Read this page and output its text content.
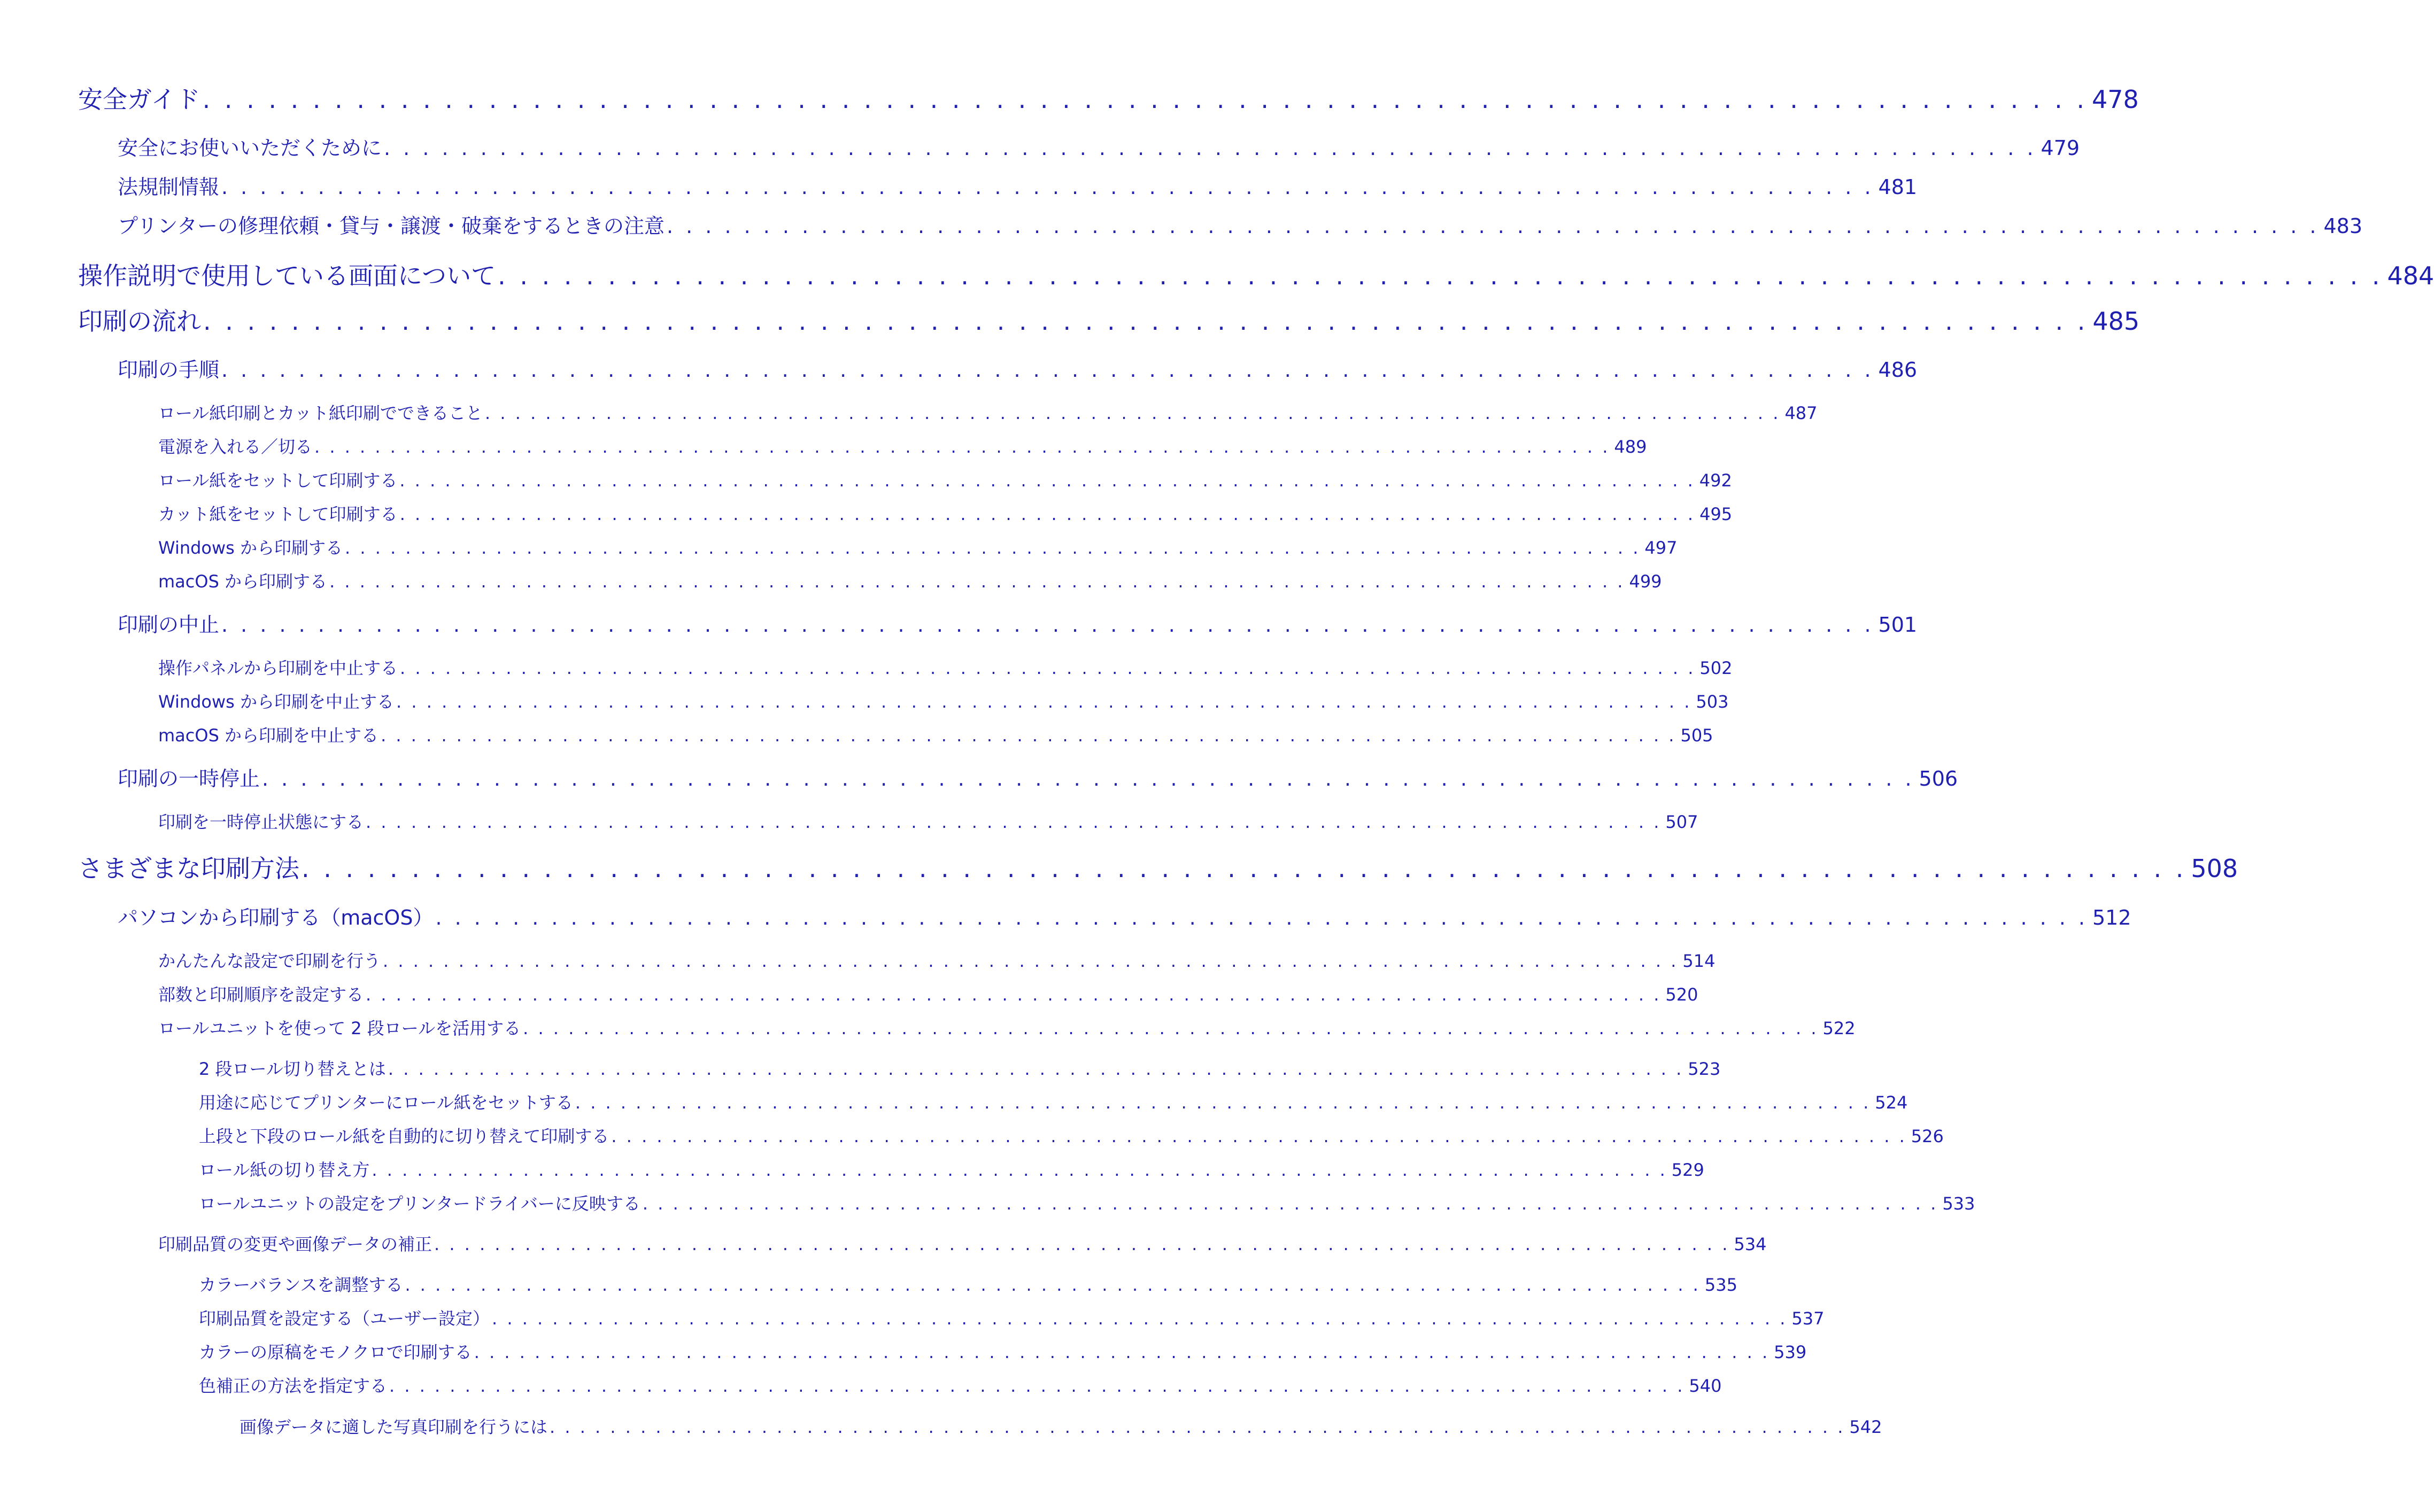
安全ガイド . . . . . . . . . . . . . . . . . . . . . . . . . . . . . . . . . . . . . . . . . . . . . . . . . . . . . . . . . . . . . . . . . . . . . . . . . . . . . . . . . . . . . . 478
安全にお使いいただくために . . . . . . . . . . . . . . . . . . . . . . . . . . . . . . . . . . . . . . . . . . . . . . . . . . . . . . . . . . . . . . . . . . . . . . . . . . . . . . . . . . . . . . 479
法規制情報 . . . . . . . . . . . . . . . . . . . . . . . . . . . . . . . . . . . . . . . . . . . . . . . . . . . . . . . . . . . . . . . . . . . . . . . . . . . . . . . . . . . . . . 481
プリンターの修理依頼・貸与・譲渡・破棄をするときの注意 . . . . . . . . . . . . . . . . . . . . . . . . . . . . . . . . . . . . . . . . . . . . . . . . . . . . . . . . . . . . . . . . . . . . . . . . . . . . . . . . . . . . . . 483
操作説明で使用している画面について . . . . . . . . . . . . . . . . . . . . . . . . . . . . . . . . . . . . . . . . . . . . . . . . . . . . . . . . . . . . . . . . . . . . . . . . . . . . . . . . . . . . . . 484
印刷の流れ . . . . . . . . . . . . . . . . . . . . . . . . . . . . . . . . . . . . . . . . . . . . . . . . . . . . . . . . . . . . . . . . . . . . . . . . . . . . . . . . . . . . . . 485
印刷の手順 . . . . . . . . . . . . . . . . . . . . . . . . . . . . . . . . . . . . . . . . . . . . . . . . . . . . . . . . . . . . . . . . . . . . . . . . . . . . . . . . . . . . . . 486
ロール紙印刷とカット紙印刷でできること . . . . . . . . . . . . . . . . . . . . . . . . . . . . . . . . . . . . . . . . . . . . . . . . . . . . . . . . . . . . . . . . . . . . . . . . . . . . . . . . . . . . . . 487
電源を入れる／切る . . . . . . . . . . . . . . . . . . . . . . . . . . . . . . . . . . . . . . . . . . . . . . . . . . . . . . . . . . . . . . . . . . . . . . . . . . . . . . . . . . . . . . 489
ロール紙をセットして印刷する . . . . . . . . . . . . . . . . . . . . . . . . . . . . . . . . . . . . . . . . . . . . . . . . . . . . . . . . . . . . . . . . . . . . . . . . . . . . . . . . . . . . . . 492
カット紙をセットして印刷する . . . . . . . . . . . . . . . . . . . . . . . . . . . . . . . . . . . . . . . . . . . . . . . . . . . . . . . . . . . . . . . . . . . . . . . . . . . . . . . . . . . . . . 495
Windows から印刷する . . . . . . . . . . . . . . . . . . . . . . . . . . . . . . . . . . . . . . . . . . . . . . . . . . . . . . . . . . . . . . . . . . . . . . . . . . . . . . . . . . . . . . 497
macOS から印刷する . . . . . . . . . . . . . . . . . . . . . . . . . . . . . . . . . . . . . . . . . . . . . . . . . . . . . . . . . . . . . . . . . . . . . . . . . . . . . . . . . . . . . . 499
印刷の中止 . . . . . . . . . . . . . . . . . . . . . . . . . . . . . . . . . . . . . . . . . . . . . . . . . . . . . . . . . . . . . . . . . . . . . . . . . . . . . . . . . . . . . . 501
操作パネルから印刷を中止する . . . . . . . . . . . . . . . . . . . . . . . . . . . . . . . . . . . . . . . . . . . . . . . . . . . . . . . . . . . . . . . . . . . . . . . . . . . . . . . . . . . . . . 502
Windows から印刷を中止する . . . . . . . . . . . . . . . . . . . . . . . . . . . . . . . . . . . . . . . . . . . . . . . . . . . . . . . . . . . . . . . . . . . . . . . . . . . . . . . . . . . . . . 503
macOS から印刷を中止する . . . . . . . . . . . . . . . . . . . . . . . . . . . . . . . . . . . . . . . . . . . . . . . . . . . . . . . . . . . . . . . . . . . . . . . . . . . . . . . . . . . . . . 505
印刷の一時停止 . . . . . . . . . . . . . . . . . . . . . . . . . . . . . . . . . . . . . . . . . . . . . . . . . . . . . . . . . . . . . . . . . . . . . . . . . . . . . . . . . . . . . . 506
印刷を一時停止状態にする . . . . . . . . . . . . . . . . . . . . . . . . . . . . . . . . . . . . . . . . . . . . . . . . . . . . . . . . . . . . . . . . . . . . . . . . . . . . . . . . . . . . . . 507
さまざまな印刷方法 . . . . . . . . . . . . . . . . . . . . . . . . . . . . . . . . . . . . . . . . . . . . . . . . . . . . . . . . . . . . . . . . . . . . . . . . . . . . . . . . . . . . . . 508
パソコンから印刷する（macOS） . . . . . . . . . . . . . . . . . . . . . . . . . . . . . . . . . . . . . . . . . . . . . . . . . . . . . . . . . . . . . . . . . . . . . . . . . . . . . . . . . . . . . . 512
かんたんな設定で印刷を行う . . . . . . . . . . . . . . . . . . . . . . . . . . . . . . . . . . . . . . . . . . . . . . . . . . . . . . . . . . . . . . . . . . . . . . . . . . . . . . . . . . . . . . 514
部数と印刷順序を設定する . . . . . . . . . . . . . . . . . . . . . . . . . . . . . . . . . . . . . . . . . . . . . . . . . . . . . . . . . . . . . . . . . . . . . . . . . . . . . . . . . . . . . . 520
ロールユニットを使って 2 段ロールを活用する . . . . . . . . . . . . . . . . . . . . . . . . . . . . . . . . . . . . . . . . . . . . . . . . . . . . . . . . . . . . . . . . . . . . . . . . . . . . . . . . . . . . . . 522
2 段ロール切り替えとは . . . . . . . . . . . . . . . . . . . . . . . . . . . . . . . . . . . . . . . . . . . . . . . . . . . . . . . . . . . . . . . . . . . . . . . . . . . . . . . . . . . . . . 523
用途に応じてプリンターにロール紙をセットする . . . . . . . . . . . . . . . . . . . . . . . . . . . . . . . . . . . . . . . . . . . . . . . . . . . . . . . . . . . . . . . . . . . . . . . . . . . . . . . . . . . . . . 524
上段と下段のロール紙を自動的に切り替えて印刷する . . . . . . . . . . . . . . . . . . . . . . . . . . . . . . . . . . . . . . . . . . . . . . . . . . . . . . . . . . . . . . . . . . . . . . . . . . . . . . . . . . . . . . 526
ロール紙の切り替え方 . . . . . . . . . . . . . . . . . . . . . . . . . . . . . . . . . . . . . . . . . . . . . . . . . . . . . . . . . . . . . . . . . . . . . . . . . . . . . . . . . . . . . . 529
ロールユニットの設定をプリンタードライバーに反映する . . . . . . . . . . . . . . . . . . . . . . . . . . . . . . . . . . . . . . . . . . . . . . . . . . . . . . . . . . . . . . . . . . . . . . . . . . . . . . . . . . . . . . 533
印刷品質の変更や画像データの補正 . . . . . . . . . . . . . . . . . . . . . . . . . . . . . . . . . . . . . . . . . . . . . . . . . . . . . . . . . . . . . . . . . . . . . . . . . . . . . . . . . . . . . . 534
カラーバランスを調整する . . . . . . . . . . . . . . . . . . . . . . . . . . . . . . . . . . . . . . . . . . . . . . . . . . . . . . . . . . . . . . . . . . . . . . . . . . . . . . . . . . . . . . 535
印刷品質を設定する（ユーザー設定） . . . . . . . . . . . . . . . . . . . . . . . . . . . . . . . . . . . . . . . . . . . . . . . . . . . . . . . . . . . . . . . . . . . . . . . . . . . . . . . . . . . . . . 537
カラーの原稿をモノクロで印刷する . . . . . . . . . . . . . . . . . . . . . . . . . . . . . . . . . . . . . . . . . . . . . . . . . . . . . . . . . . . . . . . . . . . . . . . . . . . . . . . . . . . . . . 539
色補正の方法を指定する . . . . . . . . . . . . . . . . . . . . . . . . . . . . . . . . . . . . . . . . . . . . . . . . . . . . . . . . . . . . . . . . . . . . . . . . . . . . . . . . . . . . . . 540
画像データに適した写真印刷を行うには . . . . . . . . . . . . . . . . . . . . . . . . . . . . . . . . . . . . . . . . . . . . . . . . . . . . . . . . . . . . . . . . . . . . . . . . . . . . . . . . . . . . . . 542
